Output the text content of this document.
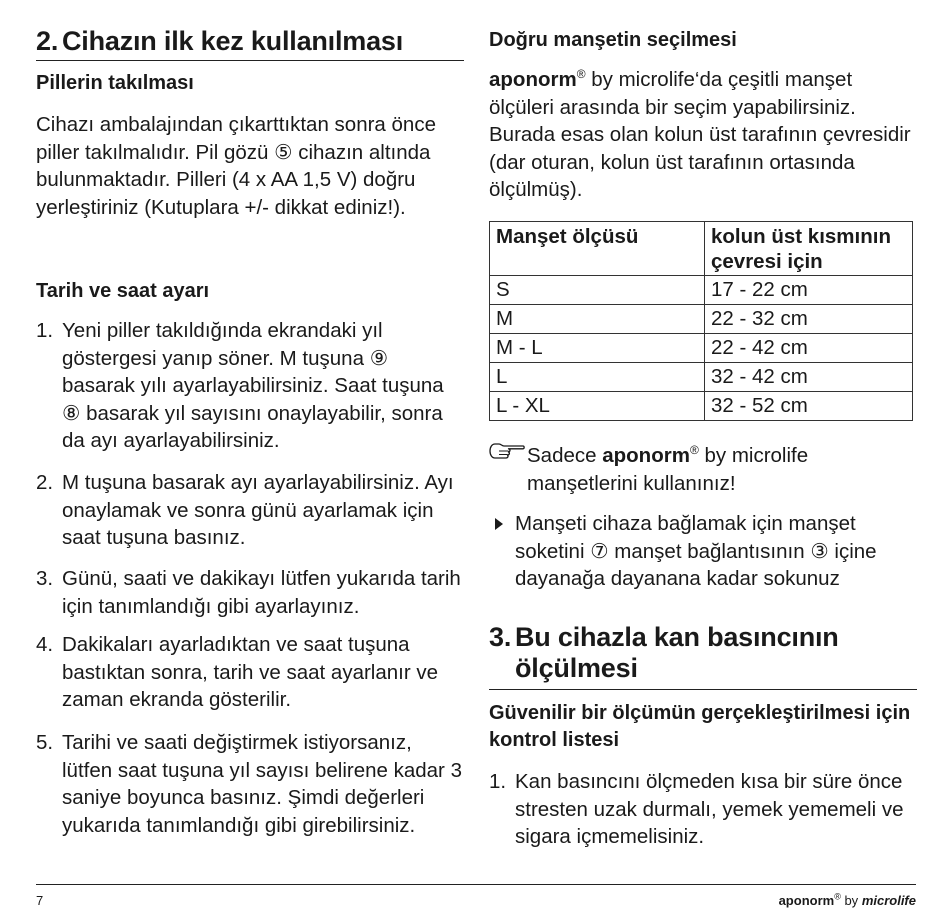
2. Cihazın ilk kez kullanılması
Pillerin takılması
Cihazı ambalajından çıkarttıktan sonra önce piller takılmalıdır. Pil gözü ⑤ cihazın altında bulunmaktadır. Pilleri (4 x AA 1,5 V) doğru yerleştiriniz (Kutuplara +/- dikkat ediniz!).
Tarih ve saat ayarı
1. Yeni piller takıldığında ekrandaki yıl göstergesi yanıp söner. M tuşuna ⑨ basarak yılı ayarlayabilirsiniz. Saat tuşuna ⑧ basarak yıl sayısını onaylayabilir, sonra da ayı ayarlayabilirsiniz.
2. M tuşuna basarak ayı ayarlayabilirsiniz. Ayı onaylamak ve sonra günü ayarlamak için saat tuşuna basınız.
3. Günü, saati ve dakikayı lütfen yukarıda tarih için tanımlandığı gibi ayarlayınız.
4. Dakikaları ayarladıktan ve saat tuşuna bastıktan sonra, tarih ve saat ayarlanır ve zaman ekranda gösterilir.
5. Tarihi ve saati değiştirmek istiyorsanız, lütfen saat tuşuna yıl sayısı belirene kadar 3 saniye boyunca basınız. Şimdi değerleri yukarıda tanımlandığı gibi girebilirsiniz.
Doğru manşetin seçilmesi
aponorm® by microlife‘da çeşitli manşet ölçüleri arasında bir seçim yapabilirsiniz. Burada esas olan kolun üst tarafının çevresidir (dar oturan, kolun üst tarafının ortasında ölçülmüş).
Manşet ölçüsü	kolun üst kısmının çevresi için
S	17 - 22 cm
M	22 - 32 cm
M - L	22 - 42 cm
L	32 - 42 cm
L - XL	32 - 52 cm
Sadece aponorm® by microlife manşetlerini kullanınız!
Manşeti cihaza bağlamak için manşet soketini ⑦ manşet bağlantısının ③ içine dayanağa dayanana kadar sokunuz
3. Bu cihazla kan basıncının ölçülmesi
Güvenilir bir ölçümün gerçekleştirilmesi için kontrol listesi
1. Kan basıncını ölçmeden kısa bir süre önce stresten uzak durmalı, yemek yememeli ve sigara içmemelisiniz.
7	aponorm® by microlife
